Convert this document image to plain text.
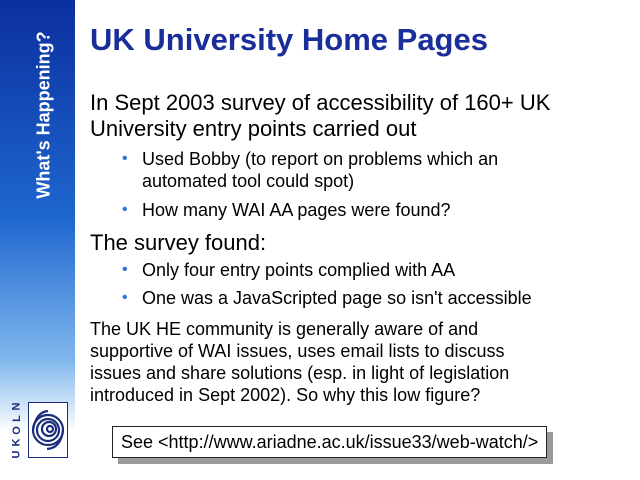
What's Happening?
N
L
O
K
U
UK University Home Pages
In Sept 2003 survey of accessibility of 160+ UK
University entry points carried out
• Used Bobby (to report on problems which an
automated tool could spot)
• How many WAI AA pages were found?
The survey found:
• Only four entry points complied with AA
• One was a JavaScripted page so isn't accessible
The UK HE community is generally aware of and
supportive of WAI issues, uses email lists to discuss
issues and share solutions (esp. in light of legislation
introduced in Sept 2002). So why this low figure?
See <http://www.ariadne.ac.uk/issue33/web-watch/>
